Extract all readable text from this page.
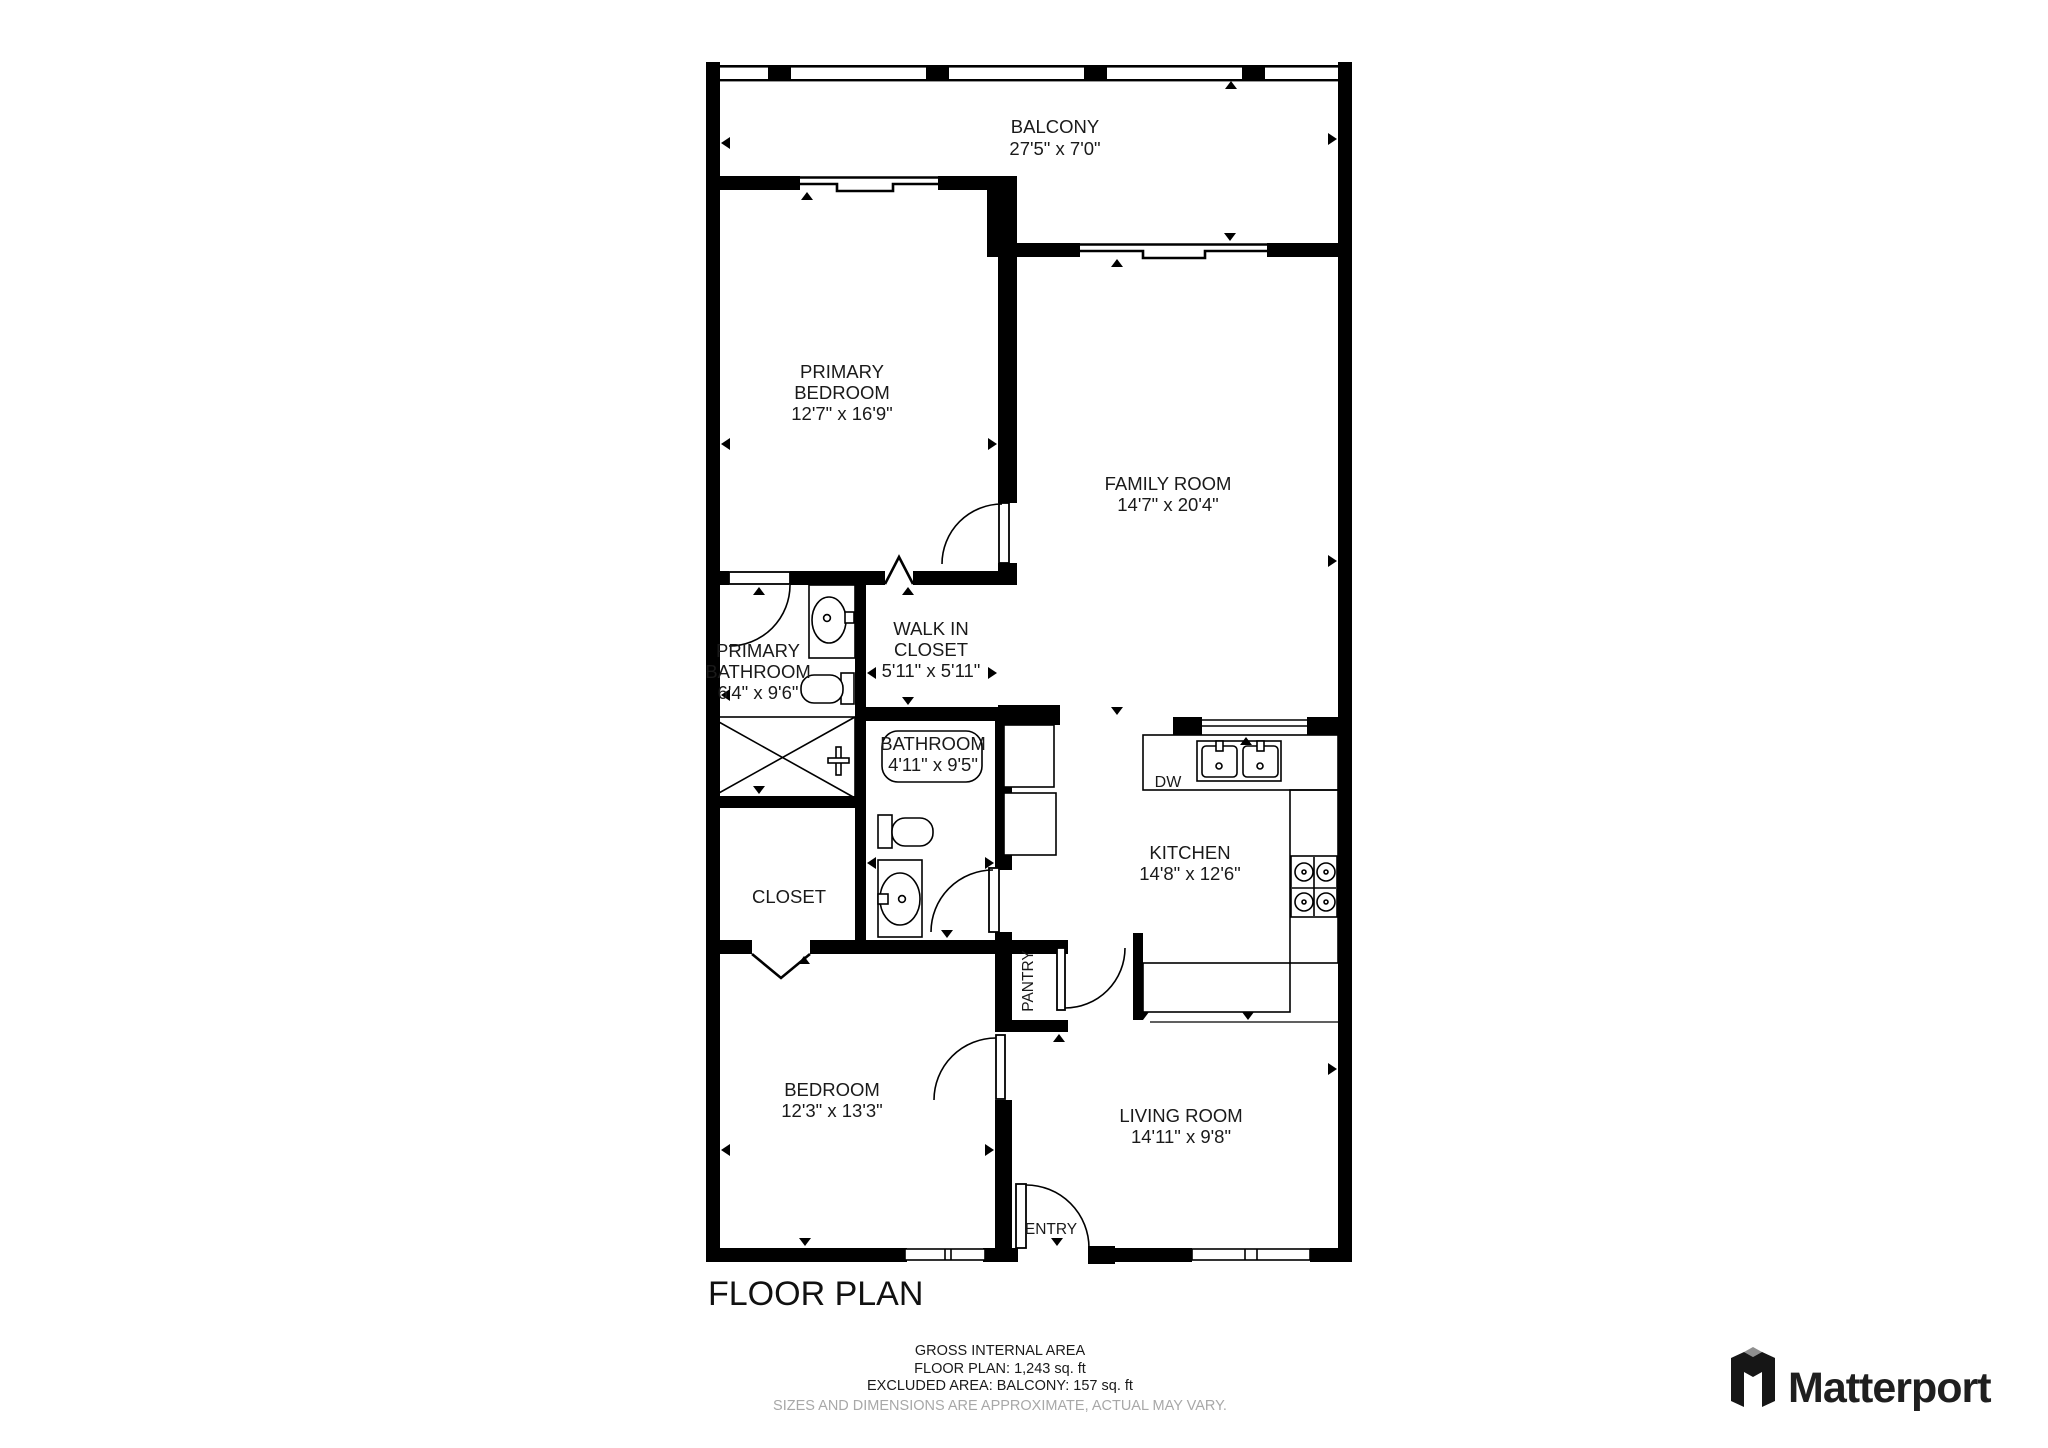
BALCONY
27'5" x 7'0"
PRIMARY
BEDROOM
12'7" x 16'9"
FAMILY ROOM
14'7" x 20'4"
WALK IN
CLOSET
5'11" x 5'11"
PRIMARY
BATHROOM
6'4" x 9'6"
BATHROOM
4'11" x 9'5"
CLOSET
KITCHEN
14'8" x 12'6"
DW
PANTRY
BEDROOM
12'3" x 13'3"	LIVING ROOM
14'11" x 9'8"
ENTRY
FLOOR PLAN
GROSS INTERNAL AREA
FLOOR PLAN: 1,243 sq. ft
EXCLUDED AREA: BALCONY: 157 sq. ft
SIZES AND DIMENSIONS ARE APPROXIMATE, ACTUAL MAY VARY.	Matterport
